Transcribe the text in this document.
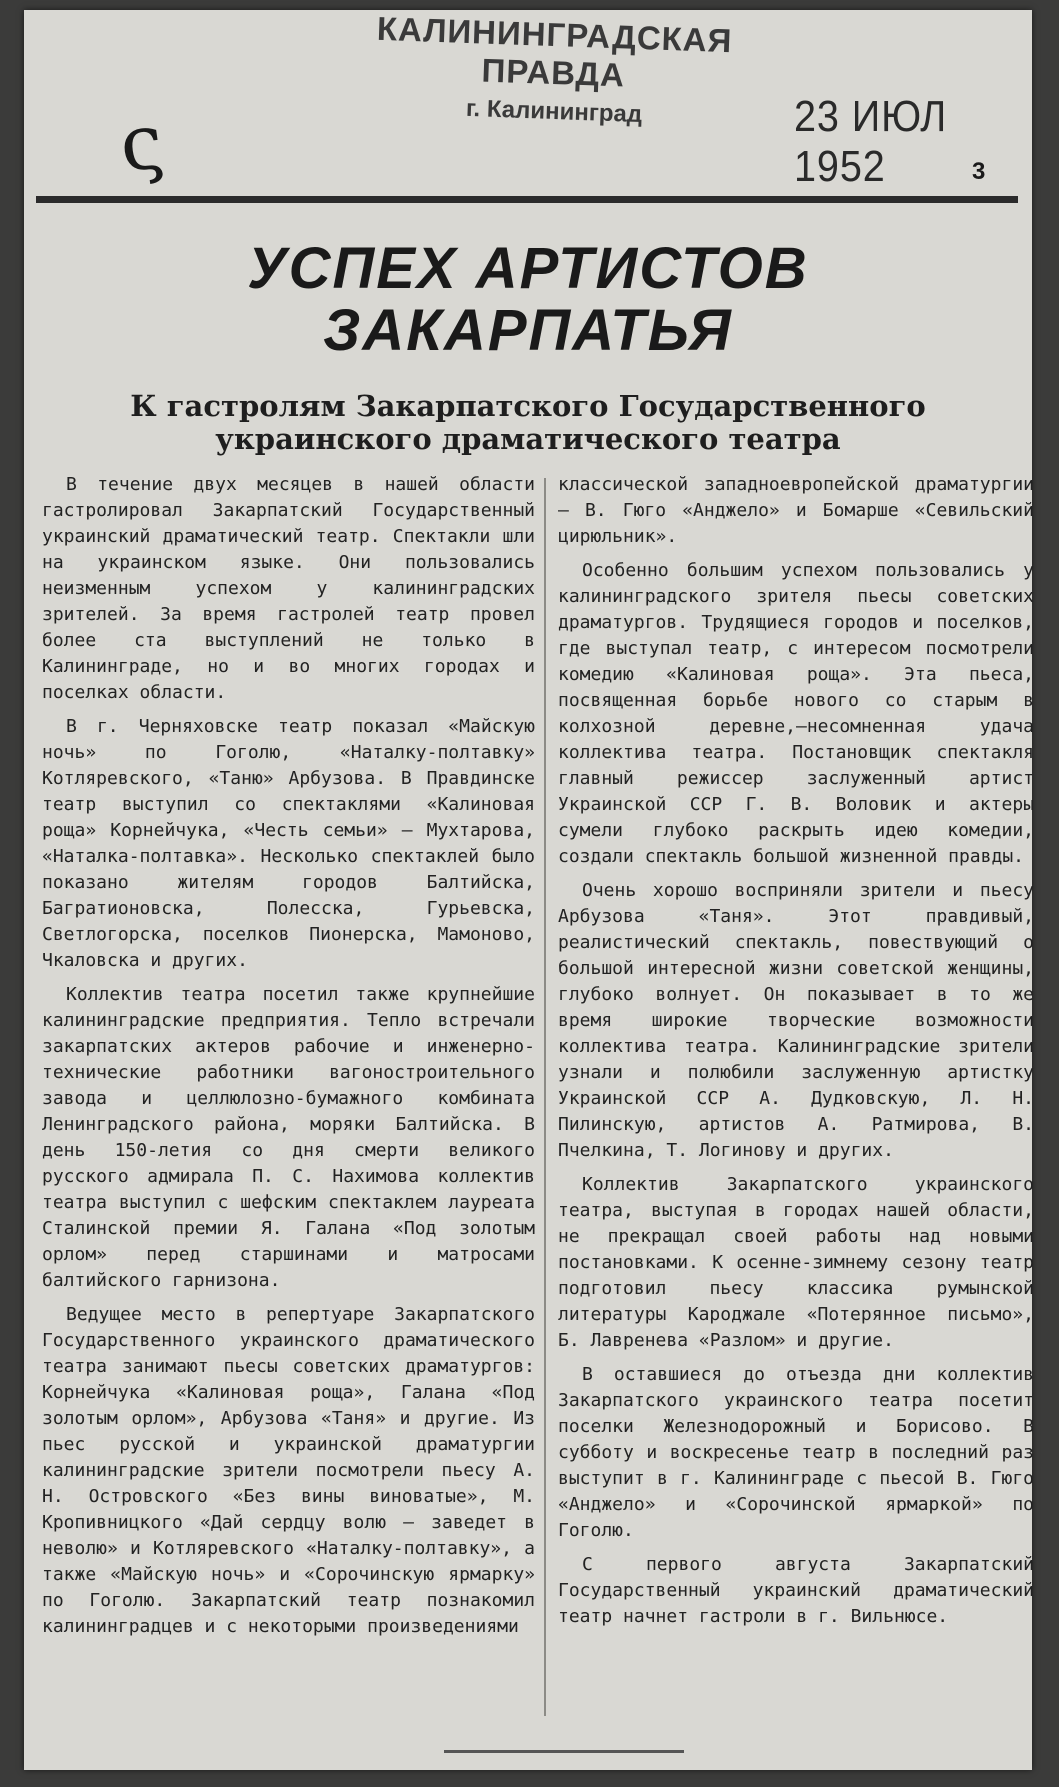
КАЛИНИНГРАДСКАЯ ПРАВДА
г. Калининград
ς	23 ИЮЛ 1952	3
УСПЕХ АРТИСТОВ
ЗАКАРПАТЬЯ
К гастролям Закарпатского Государственного
украинского драматического театра

В течение двух месяцев в нашей области гастролировал Закарпатский Государственный украинский драматический театр. Спектакли шли на украинском языке. Они пользовались неизменным успехом у калининградских зрителей. За время гастролей театр провел более ста выступлений не только в Калининграде, но и во многих городах и поселках области.

В г. Черняховске театр показал «Майскую ночь» по Гоголю, «Наталку-полтавку» Котляревского, «Таню» Арбузова. В Правдинске театр выступил со спектаклями «Калиновая роща» Корнейчука, «Честь семьи» — Мухтарова, «Наталка-полтавка». Несколько спектаклей было показано жителям городов Балтийска, Багратионовска, Полесска, Гурьевска, Светлогорска, поселков Пионерска, Мамоново, Чкаловска и других.

Коллектив театра посетил также крупнейшие калининградские предприятия. Тепло встречали закарпатских актеров рабочие и инженерно-технические работники вагоностроительного завода и целлюлозно-бумажного комбината Ленинградского района, моряки Балтийска. В день 150-летия со дня смерти великого русского адмирала П. С. Нахимова коллектив театра выступил с шефским спектаклем лауреата Сталинской премии Я. Галана «Под золотым орлом» перед старшинами и матросами балтийского гарнизона.

Ведущее место в репертуаре Закарпатского Государственного украинского драматического театра занимают пьесы советских драматургов: Корнейчука «Калиновая роща», Галана «Под золотым орлом», Арбузова «Таня» и другие. Из пьес русской и украинской драматургии калининградские зрители посмотрели пьесу А. Н. Островского «Без вины виноватые», М. Кропивницкого «Дай сердцу волю — заведет в неволю» и Котляревского «Наталку-полтавку», а также «Майскую ночь» и «Сорочинскую ярмарку» по Гоголю. Закарпатский театр познакомил калининградцев и с некоторыми произведениями

классической западноевропейской драматургии — В. Гюго «Анджело» и Бомарше «Севильский цирюльник».

Особенно большим успехом пользовались у калининградского зрителя пьесы советских драматургов. Трудящиеся городов и поселков, где выступал театр, с интересом посмотрели комедию «Калиновая роща». Эта пьеса, посвященная борьбе нового со старым в колхозной деревне,—несомненная удача коллектива театра. Постановщик спектакля главный режиссер заслуженный артист Украинской ССР Г. В. Воловик и актеры сумели глубоко раскрыть идею комедии, создали спектакль большой жизненной правды.

Очень хорошо восприняли зрители и пьесу Арбузова «Таня». Этот правдивый, реалистический спектакль, повествующий о большой интересной жизни советской женщины, глубоко волнует. Он показывает в то же время широкие творческие возможности коллектива театра. Калининградские зрители узнали и полюбили заслуженную артистку Украинской ССР А. Дудковскую, Л. Н. Пилинскую, артистов А. Ратмирова, В. Пчелкина, Т. Логинову и других.

Коллектив Закарпатского украинского театра, выступая в городах нашей области, не прекращал своей работы над новыми постановками. К осенне-зимнему сезону театр подготовил пьесу классика румынской литературы Кароджале «Потерянное письмо», Б. Лавренева «Разлом» и другие.

В оставшиеся до отъезда дни коллектив Закарпатского украинского театра посетит поселки Железнодорожный и Борисово. В субботу и воскресенье театр в последний раз выступит в г. Калининграде с пьесой В. Гюго «Анджело» и «Сорочинской ярмаркой» по Гоголю.

С первого августа Закарпатский Государственный украинский драматический театр начнет гастроли в г. Вильнюсе.
